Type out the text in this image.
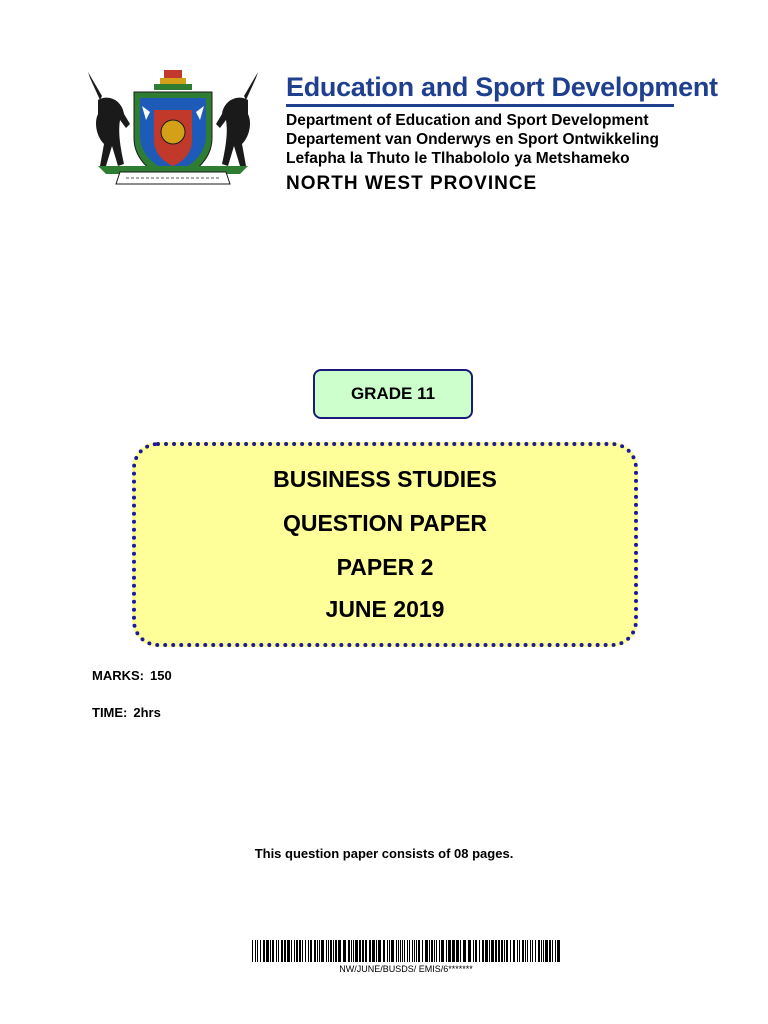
Education and Sport Development
Department of Education and Sport Development
Departement van Onderwys en Sport Ontwikkeling
Lefapha la Thuto le Tlhabololo ya Metshameko
NORTH WEST PROVINCE
GRADE 11
BUSINESS STUDIES
QUESTION PAPER
PAPER 2
JUNE 2019
MARKS: 150
TIME: 2hrs
This question paper consists of 08 pages.
NW/JUNE/BUSDS/ EMIS/6*******
